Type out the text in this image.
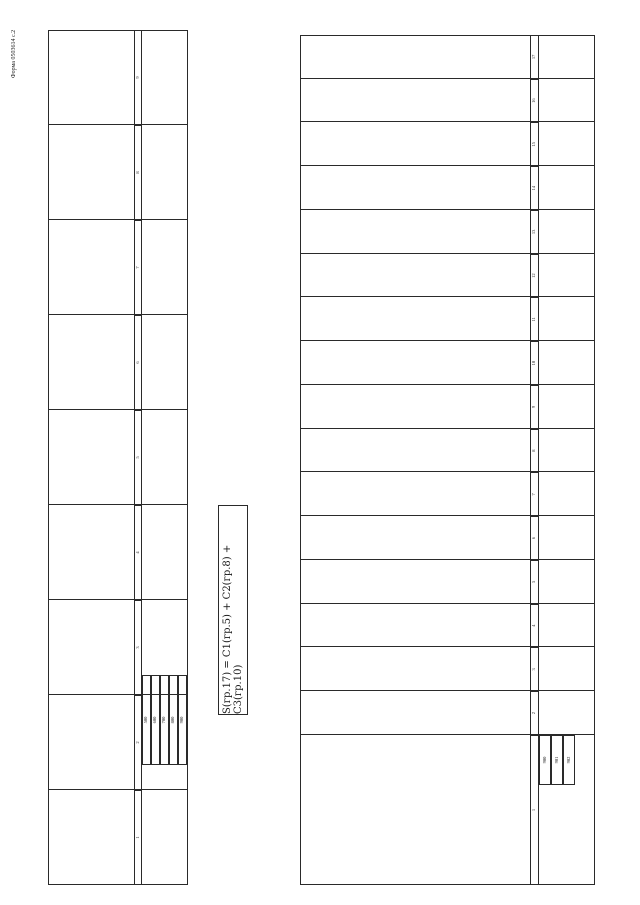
Форма 0503614 с.2
1
2
3
4
5
6
7
8
9
500 600 700 800 900
S(гр.17) = C1(гр.5) + C2(гр.8) + C3(гр.10)
1
2
3
4
5
6
7
8
9
10
11
12
13
14
15
16
17
900	901	902
